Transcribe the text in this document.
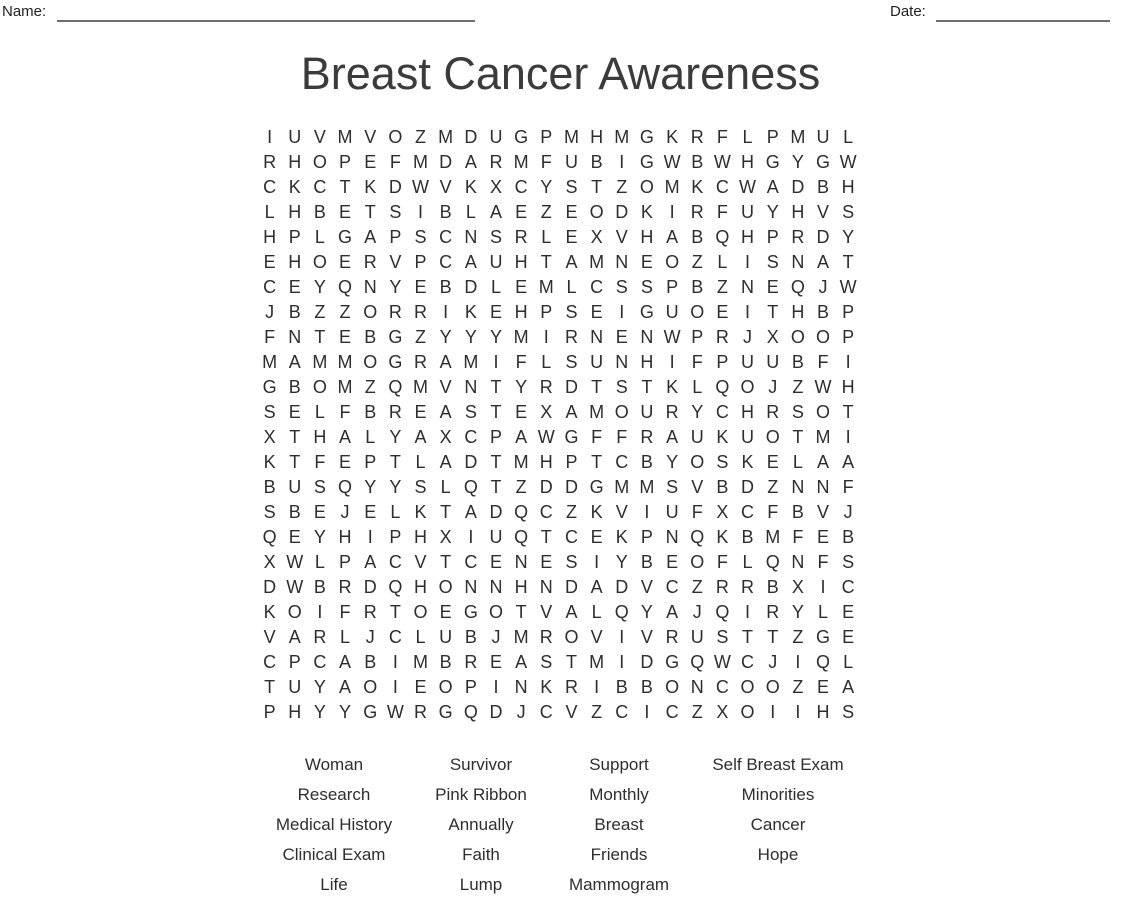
Name:	Date:
Breast Cancer Awareness
I U V M V O Z M D U G P M H M G K R F L P M U L
R H O P E F M D A R M F U B I G W B W H G Y G W
C K C T K D W V K X C Y S T Z O M K C W A D B H
L H B E T S I B L A E Z E O D K I R F U Y H V S
H P L G A P S C N S R L E X V H A B Q H P R D Y
E H O E R V P C A U H T A M N E O Z L I S N A T
C E Y Q N Y E B D L E M L C S S P B Z N E Q J W
J B Z Z O R R I K E H P S E I G U O E I T H B P
F N T E B G Z Y Y Y M I R N E N W P R J X O O P
M A M M O G R A M I F L S U N H I F P U U B F I
G B O M Z Q M V N T Y R D T S T K L Q O J Z W H
S E L F B R E A S T E X A M O U R Y C H R S O T
X T H A L Y A X C P A W G F F R A U K U O T M I
K T F E P T L A D T M H P T C B Y O S K E L A A
B U S Q Y Y S L Q T Z D D G M M S V B D Z N N F
S B E J E L K T A D Q C Z K V I U F X C F B V J
Q E Y H I P H X I U Q T C E K P N Q K B M F E B
X W L P A C V T C E N E S I Y B E O F L Q N F S
D W B R D Q H O N N H N D A D V C Z R R B X I C
K O I F R T O E G O T V A L Q Y A J Q I R Y L E
V A R L J C L U B J M R O V I V R U S T T Z G E
C P C A B I M B R E A S T M I D G Q W C J	I Q L
T U Y A O I E O P I N K R I B B O N C O O Z E A
P H Y Y G W R G Q D J C V Z C I C Z X O I	I H S
Woman	Survivor	Support	Self Breast Exam
Research	Pink Ribbon	Monthly	Minorities
Medical History	Annually	Breast	Cancer
Clinical Exam	Faith	Friends	Hope
Life	Lump	Mammogram
